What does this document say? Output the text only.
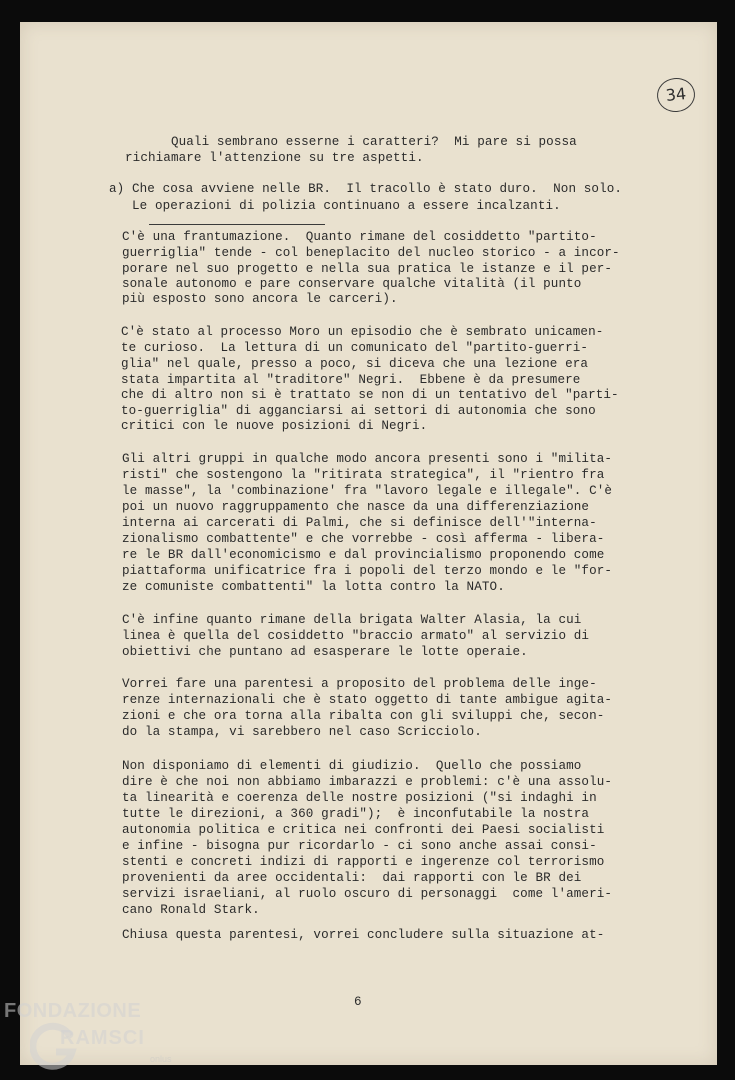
34

Quali sembrano esserne i caratteri?  Mi pare si possa

richiamare l'attenzione su tre aspetti.

a) Che cosa avviene nelle BR.  Il tracollo è stato duro.  Non solo.

Le operazioni di polizia continuano a essere incalzanti.

C'è una frantumazione.  Quanto rimane del cosiddetto "partito-

guerriglia" tende - col beneplacito del nucleo storico - a incor-

porare nel suo progetto e nella sua pratica le istanze e il per-

sonale autonomo e pare conservare qualche vitalità (il punto

più esposto sono ancora le carceri).

C'è stato al processo Moro un episodio che è sembrato unicamen-

te curioso.  La lettura di un comunicato del "partito-guerri-

glia" nel quale, presso a poco, si diceva che una lezione era

stata impartita al "traditore" Negri.  Ebbene è da presumere

che di altro non si è trattato se non di un tentativo del "parti-

to-guerriglia" di agganciarsi ai settori di autonomia che sono

critici con le nuove posizioni di Negri.

Gli altri gruppi in qualche modo ancora presenti sono i "milita-

risti" che sostengono la "ritirata strategica", il "rientro fra

le masse", la 'combinazione' fra "lavoro legale e illegale". C'è

poi un nuovo raggruppamento che nasce da una differenziazione

interna ai carcerati di Palmi, che si definisce dell'"interna-

zionalismo combattente" e che vorrebbe - così afferma - libera-

re le BR dall'economicismo e dal provincialismo proponendo come

piattaforma unificatrice fra i popoli del terzo mondo e le "for-

ze comuniste combattenti" la lotta contro la NATO.

C'è infine quanto rimane della brigata Walter Alasia, la cui

linea è quella del cosiddetto "braccio armato" al servizio di

obiettivi che puntano ad esasperare le lotte operaie.

Vorrei fare una parentesi a proposito del problema delle inge-

renze internazionali che è stato oggetto di tante ambigue agita-

zioni e che ora torna alla ribalta con gli sviluppi che, secon-

do la stampa, vi sarebbero nel caso Scricciolo.

Non disponiamo di elementi di giudizio.  Quello che possiamo

dire è che noi non abbiamo imbarazzi e problemi: c'è una assolu-

ta linearità e coerenza delle nostre posizioni ("si indaghi in

tutte le direzioni, a 360 gradi");  è inconfutabile la nostra

autonomia politica e critica nei confronti dei Paesi socialisti

e infine - bisogna pur ricordarlo - ci sono anche assai consi-

stenti e concreti indizi di rapporti e ingerenze col terrorismo

provenienti da aree occidentali:  dai rapporti con le BR dei

servizi israeliani, al ruolo oscuro di personaggi  come l'ameri-

cano Ronald Stark.

Chiusa questa parentesi, vorrei concludere sulla situazione at-

6

FONDAZIONE
RAMSCI
onlus
